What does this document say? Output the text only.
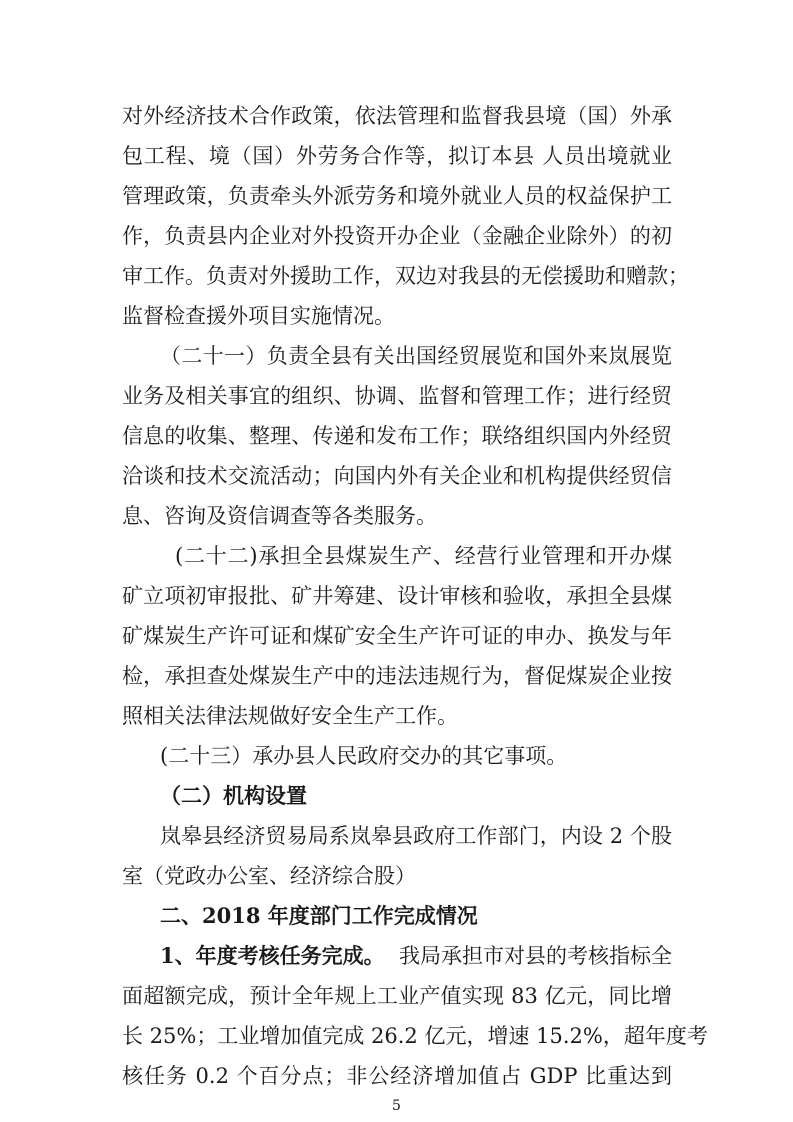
对外经济技术合作政策，依法管理和监督我县境（国）外承

包工程、境（国）外劳务合作等，拟订本县 人员出境就业

管理政策，负责牵头外派劳务和境外就业人员的权益保护工

作，负责县内企业对外投资开办企业（金融企业除外）的初

审工作。负责对外援助工作，双边对我县的无偿援助和赠款；

监督检查援外项目实施情况。

（二十一）负责全县有关出国经贸展览和国外来岚展览

业务及相关事宜的组织、协调、监督和管理工作；进行经贸

信息的收集、整理、传递和发布工作；联络组织国内外经贸

洽谈和技术交流活动；向国内外有关企业和机构提供经贸信

息、咨询及资信调查等各类服务。

(二十二)承担全县煤炭生产、经营行业管理和开办煤

矿立项初审报批、矿井筹建、设计审核和验收，承担全县煤

矿煤炭生产许可证和煤矿安全生产许可证的申办、换发与年

检，承担查处煤炭生产中的违法违规行为，督促煤炭企业按

照相关法律法规做好安全生产工作。

(二十三）承办县人民政府交办的其它事项。

（二）机构设置

岚皋县经济贸易局系岚皋县政府工作部门，内设 2 个股

室（党政办公室、经济综合股）

二、2018 年度部门工作完成情况

1、年度考核任务完成。 我局承担市对县的考核指标全

面超额完成，预计全年规上工业产值实现 83 亿元，同比增

长 25%；工业增加值完成 26.2 亿元，增速 15.2%，超年度考

核任务 0.2 个百分点；非公经济增加值占 GDP 比重达到

5
